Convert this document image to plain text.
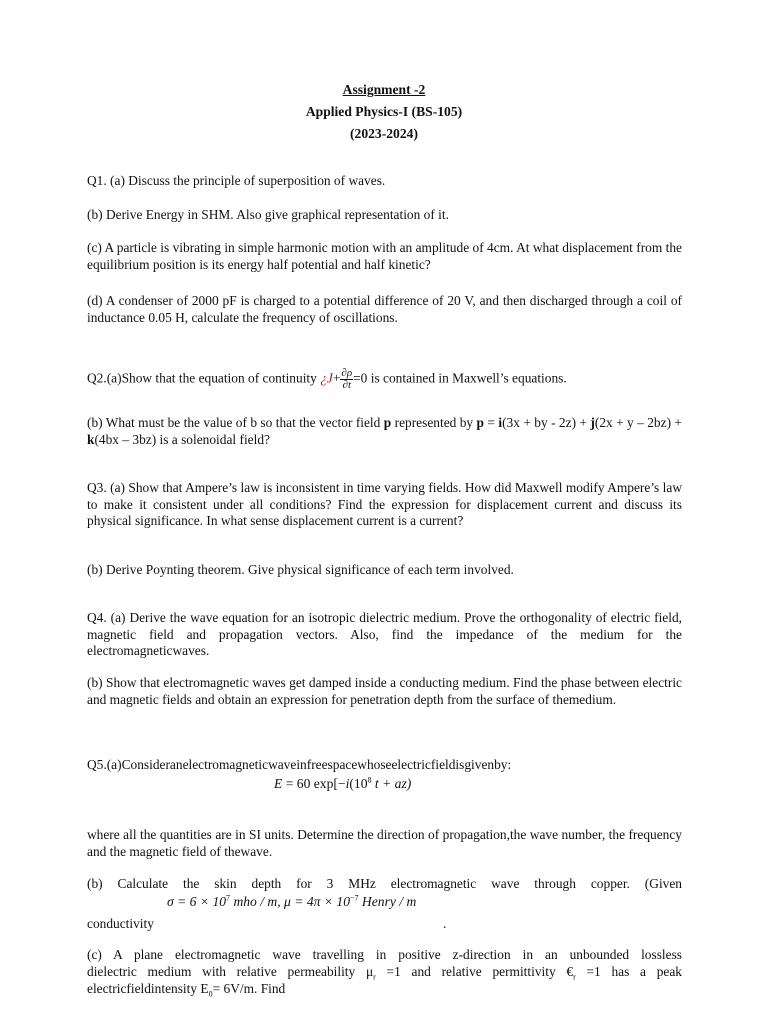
Assignment -2
Applied Physics-I (BS-105)
(2023-2024)
Q1. (a) Discuss the principle of superposition of waves.
(b) Derive Energy in SHM. Also give graphical representation of it.
(c) A particle is vibrating in simple harmonic motion with an amplitude of 4cm. At what displacement from the equilibrium position is its energy half potential and half kinetic?
(d) A condenser of 2000 pF is charged to a potential difference of 20 V, and then discharged through a coil of inductance 0.05 H, calculate the frequency of oscillations.
Q2.(a)Show that the equation of continuity ¿$J+ \frac{\partial\rho}{\partial t} =0$ is contained in Maxwell’s equations.
(b) What must be the value of b so that the vector field p represented by p = i(3x + by - 2z) + j(2x + y – 2bz) + k(4bx – 3bz) is a solenoidal field?
Q3. (a) Show that Ampere’s law is inconsistent in time varying fields. How did Maxwell modify Ampere’s law to make it consistent under all conditions? Find the expression for displacement current and discuss its physical significance. In what sense displacement current is a current?
(b) Derive Poynting theorem. Give physical significance of each term involved.
Q4. (a) Derive the wave equation for an isotropic dielectric medium. Prove the orthogonality of electric field, magnetic field and propagation vectors. Also, find the impedance of the medium for the electromagneticwaves.
(b) Show that electromagnetic waves get damped inside a conducting medium. Find the phase between electric and magnetic fields and obtain an expression for penetration depth from the surface of themedium.
Q5.(a)Consideranelectromagneticwaveinfreespacewhoseelectricfieldisgivenby:
E = 60 $\exp[-i(10^8$ t + az)
where all the quantities are in SI units. Determine the direction of propagation,the wave number, the frequency and the magnetic field of thewave.
(b) Calculate the skin depth for 3 MHz electromagnetic wave through copper. (Given
$\sigma = 6 \times 10^7$ mho / m, $\mu = 4\pi \times 10^{-7}$ Henry / m
conductivity	.
(c) A plane electromagnetic wave travelling in positive z-direction in an unbounded lossless
dielectric medium with relative permeability $\mu_r =1$ and relative permittivity $€_r =1$ has a peak
electricfieldintensity $E_0= 6V/m$. Find
